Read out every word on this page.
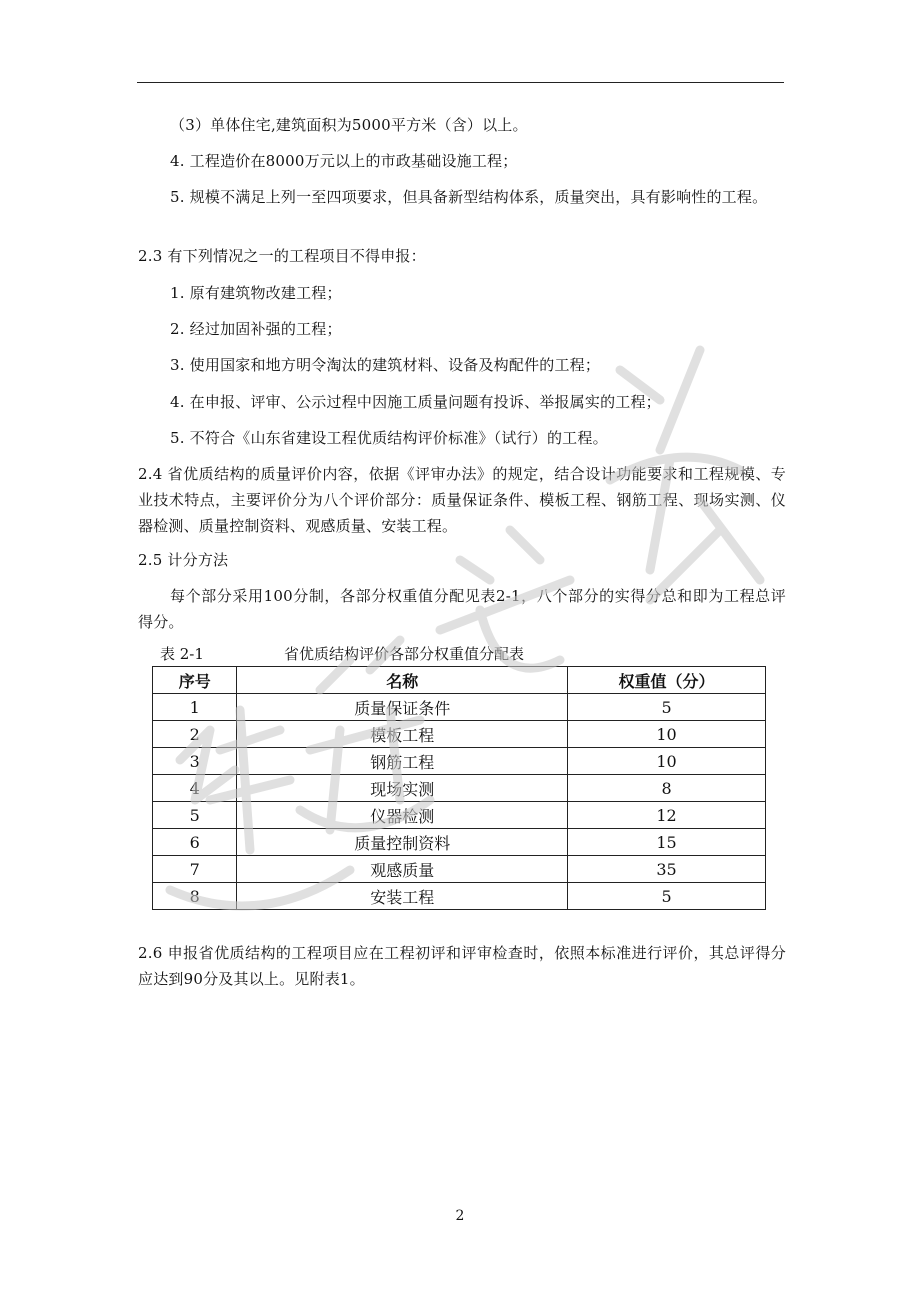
（3）单体住宅,建筑面积为5000平方米（含）以上。
4. 工程造价在8000万元以上的市政基础设施工程；
5. 规模不满足上列一至四项要求，但具备新型结构体系，质量突出，具有影响性的工程。
2.3 有下列情况之一的工程项目不得申报：
1. 原有建筑物改建工程；
2. 经过加固补强的工程；
3. 使用国家和地方明令淘汰的建筑材料、设备及构配件的工程；
4. 在申报、评审、公示过程中因施工质量问题有投诉、举报属实的工程；
5. 不符合《山东省建设工程优质结构评价标准》（试行）的工程。
2.4 省优质结构的质量评价内容，依据《评审办法》的规定，结合设计功能要求和工程规模、专业技术特点，主要评价分为八个评价部分：质量保证条件、模板工程、钢筋工程、现场实测、仪器检测、质量控制资料、观感质量、安装工程。
2.5 计分方法
每个部分采用100分制，各部分权重值分配见表2-1，八个部分的实得分总和即为工程总评得分。
表 2-1	省优质结构评价各部分权重值分配表
序号	名称	权重值（分）
1	质量保证条件	5
2	模板工程	10
3	钢筋工程	10
4	现场实测	8
5	仪器检测	12
6	质量控制资料	15
7	观感质量	35
8	安装工程	5
2.6 申报省优质结构的工程项目应在工程初评和评审检查时，依照本标准进行评价，其总评得分应达到90分及其以上。见附表1。
2
